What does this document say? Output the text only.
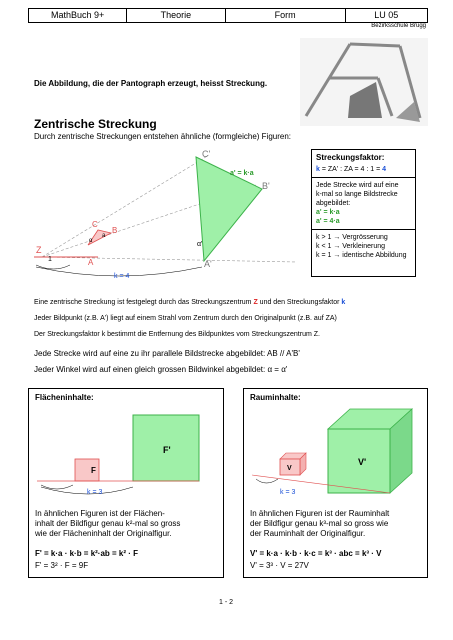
MathBuch 9+	Theorie	Form	LU 05
Bezirksschule Brugg
Die Abbildung, die der Pantograph erzeugt, heisst Streckung.
Zentrische Streckung
Durch zentrische Streckungen entstehen ähnliche (formgleiche) Figuren:
Z
A
B
C
a
α
A'
B'
C'
α'
a' = k·a
1
k = 4
Streckungsfaktor:
k = ZA' : ZA = 4 : 1 = 4
Jede Strecke wird auf eine
k-mal so lange Bildstrecke
abgebildet:
a' = k·a
a' = 4·a
k > 1 → Vergrösserung
k < 1 → Verkleinerung
k = 1 → identische Abbildung
Eine zentrische Streckung ist festgelegt durch das Streckungszentrum Z und den Streckungsfaktor k
Jeder Bildpunkt (z.B. A') liegt auf einem Strahl vom Zentrum durch den Originalpunkt (z.B. auf ZA)
Der Streckungsfaktor k bestimmt die Entfernung des Bildpunktes vom Streckungszentrum Z.
Jede Strecke wird auf eine zu ihr parallele Bildstrecke abgebildet: AB // A'B'
Jeder Winkel wird auf einen gleich grossen Bildwinkel abgebildet: α = α'
Flächeninhalte:
F
F'
k = 3
In ähnlichen Figuren ist der Flächen-
inhalt der Bildfigur genau k²-mal so gross
wie der Flächeninhalt der Originalfigur.
F' = k·a · k·b = k²·ab = k² · F
F' = 3² · F = 9F
Rauminhalte:
V
V'
k = 3
In ähnlichen Figuren ist der Rauminhalt
der Bildfigur genau k³-mal so gross wie
der Rauminhalt der Originalfigur.
V' = k·a · k·b · k·c = k³ · abc = k³ · V
V' = 3³ · V = 27V
1 - 2
